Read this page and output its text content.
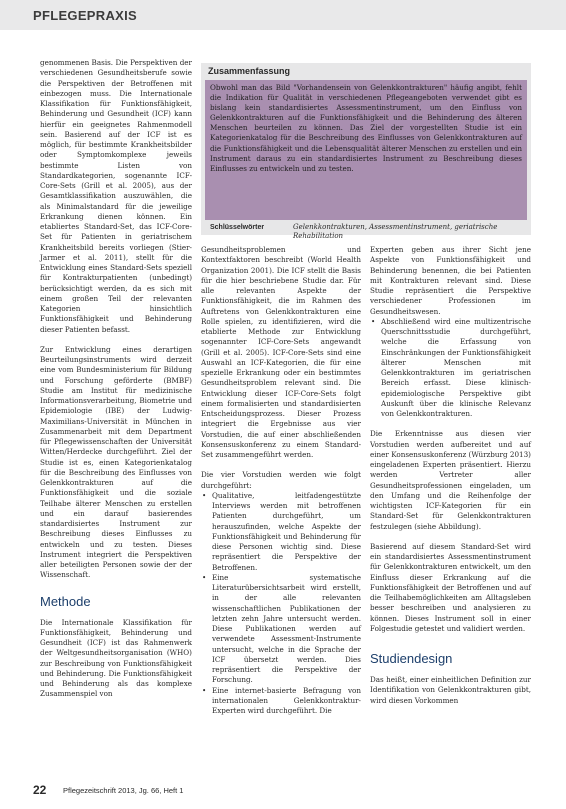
PFLEGEPRAXIS

genommenen Basis. Die Perspektiven der verschiedenen Gesundheitsberufe sowie die Perspektiven der Betroffenen mit einbezogen muss. Die Internationale Klassifikation für Funktionsfähigkeit, Behinderung und Gesundheit (ICF) kann hierfür ein geeignetes Rahmenmodell sein. Basierend auf der ICF ist es möglich, für bestimmte Krankheitsbilder oder Symptomkomplexe jeweils bestimmte Listen von Standardkategorien, sogenannte ICF-Core-Sets (Grill et al. 2005), aus der Gesamtklassifikation auszuwählen, die als Minimalstandard für die jeweilige Erkrankung dienen können. Ein etabliertes Standard-Set, das ICF-Core-Set für Patienten in geriatrischem Krankheitsbild bereits vorliegen (Stier-Jarmer et al. 2011), stellt für die Entwicklung eines Standard-Sets speziell für Kontrakturpatienten (unbedingt) berücksichtigt werden, da es sich mit einem großen Teil der relevanten Kategorien hinsichtlich Funktionsfähigkeit und Behinderung dieser Patienten befasst.

Zur Entwicklung eines derartigen Beurteilungsinstruments wird derzeit eine vom Bundesministerium für Bildung und Forschung geförderte (BMBF) Studie am Institut für medizinische Informationsverarbeitung, Biometrie und Epidemiologie (IBE) der Ludwig-Maximilians-Universität in München in Zusammenarbeit mit dem Department für Pflegewissenschaften der Universität Witten/Herdecke durchgeführt. Ziel der Studie ist es, einen Kategorienkatalog für die Beschreibung des Einflusses von Gelenkkontrakturen auf die Funktionsfähigkeit und die soziale Teilhabe älterer Menschen zu erstellen und ein darauf basierendes standardisiertes Instrument zur Beschreibung dieses Einflusses zu entwickeln und zu testen. Dieses Instrument integriert die Perspektiven aller beteiligten Personen sowie der der Wissenschaft.

Methode

Die Internationale Klassifikation für Funktionsfähigkeit, Behinderung und Gesundheit (ICF) ist das Rahmenwerk der Weltgesundheitsorganisation (WHO) zur Beschreibung von Funktionsfähigkeit und Behinderung. Die Funktionsfähigkeit und Behinderung als das komplexe Zusammenspiel von

Zusammenfassung
Obwohl man das Bild "Vorhandensein von Gelenkkontrakturen" häufig angibt, fehlt die Indikation für Qualität in verschiedenen Pflegeangeboten verwendet gibt es bislang kein standardisiertes Assessmentinstrument, um den Einfluss von Gelenkkontrakturen auf die Funktionsfähigkeit und die Behinderung des älteren Menschen beurteilen zu können. Das Ziel der vorgestellten Studie ist ein Kategorienkatalog für die Beschreibung des Einflusses von Gelenkkontrakturen auf die Funktionsfähigkeit und die Lebensqualität älterer Menschen zu erstellen und ein Instrument daraus zu ein standardisiertes Instrument zu Beschreibung dieses Einflusses zu entwickeln und zu testen.
Schlüsselwörter	Gelenkkontrakturen, Assessmentinstrument, geriatrische Rehabilitation

Gesundheitsproblemen und Kontextfaktoren beschreibt (World Health Organization 2001). Die ICF stellt die Basis für die hier beschriebene Studie dar. Für alle relevanten Aspekte der Funktionsfähigkeit, die im Rahmen des Auftretens von Gelenkkontrakturen eine Rolle spielen, zu identifizieren, wird die etablierte Methode zur Entwicklung sogenannter ICF-Core-Sets angewandt (Grill et al. 2005). ICF-Core-Sets sind eine Auswahl an ICF-Kategorien, die für eine spezielle Erkrankung oder ein bestimmtes Gesundheitsproblem relevant sind. Die Entwicklung dieser ICF-Core-Sets folgt einem formalisierten und standardisierten Entscheidungsprozess. Dieser Prozess integriert die Ergebnisse aus vier Vorstudien, die auf einer abschließenden Konsensuskonferenz zu einem Standard-Set zusammengeführt werden.

Die vier Vorstudien werden wie folgt durchgeführt:

• Qualitative, leitfadengestützte Interviews werden mit betroffenen Patienten durchgeführt, um herauszufinden, welche Aspekte der Funktionsfähigkeit und Behinderung für diese Personen wichtig sind. Diese repräsentiert die Perspektive der Betroffenen.
• Eine systematische Literaturübersichtsarbeit wird erstellt, in der alle relevanten wissenschaftlichen Publikationen der letzten zehn Jahre untersucht werden. Diese Publikationen werden auf verwendete Assessment-Instrumente untersucht, welche in die Sprache der ICF übersetzt werden. Dies repräsentiert die Perspektive der Forschung.
• Eine internet-basierte Befragung von internationalen Gelenkkontraktur-Experten wird durchgeführt. Die

Experten geben aus ihrer Sicht jene Aspekte von Funktionsfähigkeit und Behinderung benennen, die bei Patienten mit Kontrakturen relevant sind. Diese Studie repräsentiert die Perspektive verschiedener Professionen im Gesundheitswesen.

• Abschließend wird eine multizentrische Querschnittsstudie durchgeführt, welche die Erfassung von Einschränkungen der Funktionsfähigkeit älterer Menschen mit Gelenkkontrakturen im geriatrischen Bereich erfasst. Diese klinisch-epidemiologische Perspektive gibt Auskunft über die klinische Relevanz von Gelenkkontrakturen.

Die Erkenntnisse aus diesen vier Vorstudien werden aufbereitet und auf einer Konsensuskonferenz (Würzburg 2013) eingeladenen Experten präsentiert. Hierzu werden Vertreter aller Gesundheitsprofessionen eingeladen, um den Umfang und die Reihenfolge der wichtigsten ICF-Kategorien für ein Standard-Set für Gelenkkontrakturen festzulegen (siehe Abbildung).

Basierend auf diesem Standard-Set wird ein standardisiertes Assessmentinstrument für Gelenkkontrakturen entwickelt, um den Einfluss dieser Erkrankung auf die Funktionsfähigkeit der Betroffenen und auf die Teilhabemöglichkeiten am Alltagsleben besser beschreiben und analysieren zu können. Dieses Instrument soll in einer Folgestudie getestet und validiert werden.

Studiendesign

Das heißt, einer einheitlichen Definition zur Identifikation von Gelenkkontrakturen gibt, wird diesen Vorkommen

22 Pflegezeitschrift 2013, Jg. 66, Heft 1
